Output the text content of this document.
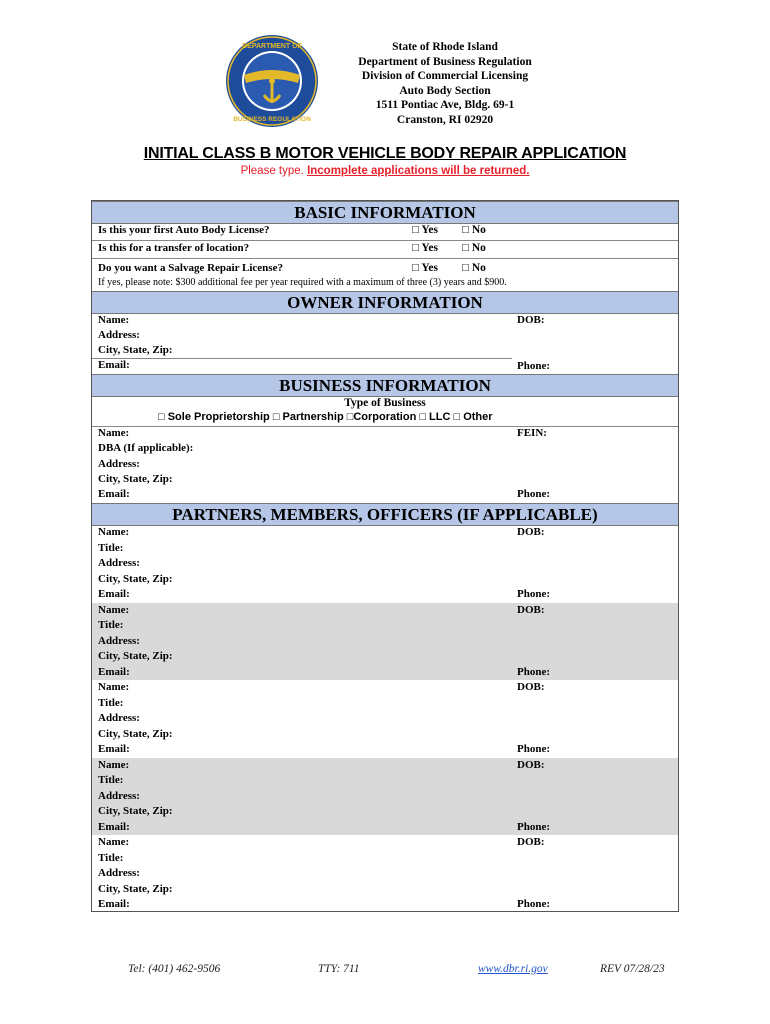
DEPARTMENT OF
BUSINESS REGULATION
State of Rhode Island
Department of Business Regulation
Division of Commercial Licensing
Auto Body Section
1511 Pontiac Ave, Bldg. 69-1
Cranston, RI 02920
INITIAL CLASS B MOTOR VEHICLE BODY REPAIR APPLICATION
Please type. Incomplete applications will be returned.
BASIC INFORMATION
Is this your first Auto Body License?	□ Yes □ No
Is this for a transfer of location?	□ Yes □ No
Do you want a Salvage Repair License?	□ Yes □ No
If yes, please note: $300 additional fee per year required with a maximum of three (3) years and $900.
OWNER INFORMATION
Name:	DOB:
Address:
City, State, Zip:
Email:	Phone:
BUSINESS INFORMATION
Type of Business
□ Sole Proprietorship □ Partnership □Corporation □ LLC □ Other
Name:	FEIN:
DBA (If applicable):
Address:
City, State, Zip:
Email:	Phone:
PARTNERS, MEMBERS, OFFICERS (IF APPLICABLE)
Name:	DOB:
Title:
Address:
City, State, Zip:
Email:	Phone:
Name:	DOB:
Title:
Address:
City, State, Zip:
Email:	Phone:
Name:	DOB:
Title:
Address:
City, State, Zip:
Email:	Phone:
Name:	DOB:
Title:
Address:
City, State, Zip:
Email:	Phone:
Name:	DOB:
Title:
Address:
City, State, Zip:
Email:	Phone:
Tel: (401) 462-9506	TTY: 711	www.dbr.ri.gov	REV 07/28/23
